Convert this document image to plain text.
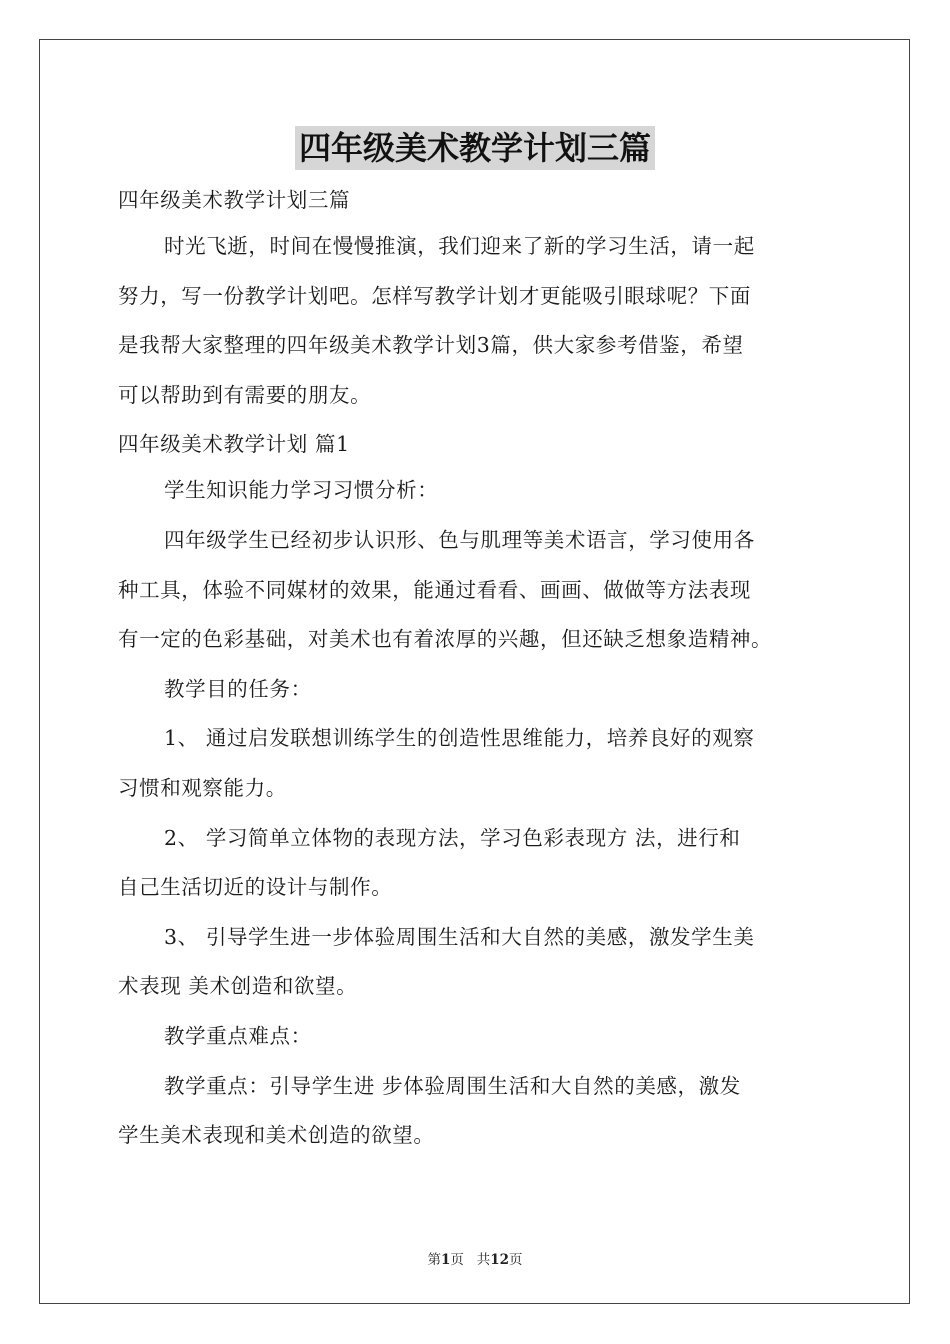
四年级美术教学计划三篇
四年级美术教学计划三篇
时光飞逝，时间在慢慢推演，我们迎来了新的学习生活，请一起
努力，写一份教学计划吧。怎样写教学计划才更能吸引眼球呢？下面
是我帮大家整理的四年级美术教学计划3篇，供大家参考借鉴，希望
可以帮助到有需要的朋友。
四年级美术教学计划 篇1
学生知识能力学习习惯分析：
四年级学生已经初步认识形、色与肌理等美术语言，学习使用各
种工具，体验不同媒材的效果，能通过看看、画画、做做等方法表现
有一定的色彩基础，对美术也有着浓厚的兴趣，但还缺乏想象造精神。
教学目的任务：
1、 通过启发联想训练学生的创造性思维能力，培养良好的观察
习惯和观察能力。
2、 学习简单立体物的表现方法，学习色彩表现方 法，进行和
自己生活切近的设计与制作。
3、 引导学生进一步体验周围生活和大自然的美感，激发学生美
术表现 美术创造和欲望。
教学重点难点：
教学重点：引导学生进 步体验周围生活和大自然的美感，激发
学生美术表现和美术创造的欲望。
第1页 共12页
